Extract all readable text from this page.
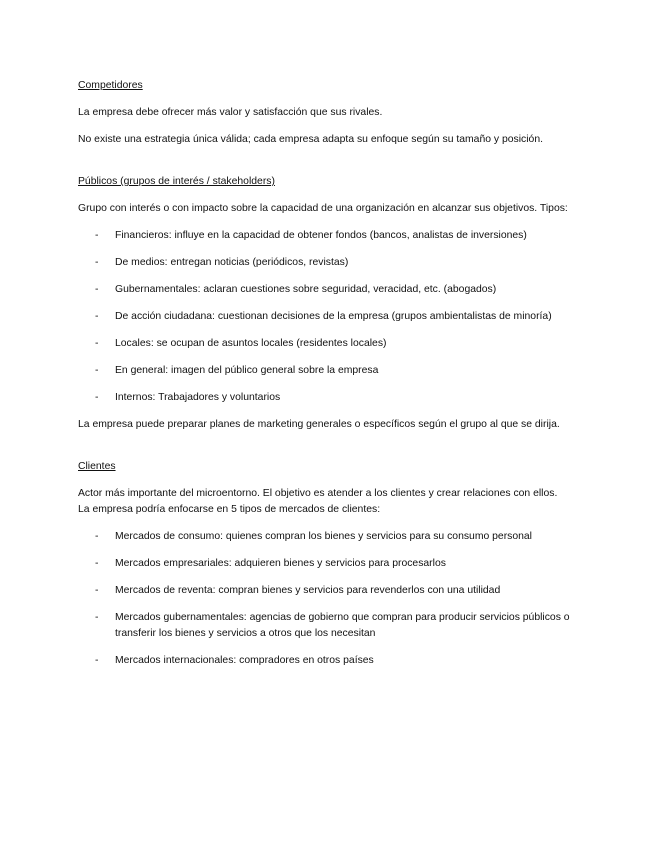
Competidores
La empresa debe ofrecer más valor y satisfacción que sus rivales.
No existe una estrategia única válida; cada empresa adapta su enfoque según su tamaño y posición.
Públicos (grupos de interés / stakeholders)
Grupo con interés o con impacto sobre la capacidad de una organización en alcanzar sus objetivos. Tipos:
- Financieros: influye en la capacidad de obtener fondos (bancos, analistas de inversiones)
- De medios: entregan noticias (periódicos, revistas)
- Gubernamentales: aclaran cuestiones sobre seguridad, veracidad, etc. (abogados)
- De acción ciudadana: cuestionan decisiones de la empresa (grupos ambientalistas de minoría)
- Locales: se ocupan de asuntos locales (residentes locales)
- En general: imagen del público general sobre la empresa
- Internos: Trabajadores y voluntarios
La empresa puede preparar planes de marketing generales o específicos según el grupo al que se dirija.
Clientes
Actor más importante del microentorno. El objetivo es atender a los clientes y crear relaciones con ellos.
La empresa podría enfocarse en 5 tipos de mercados de clientes:
- Mercados de consumo: quienes compran los bienes y servicios para su consumo personal
- Mercados empresariales: adquieren bienes y servicios para procesarlos
- Mercados de reventa: compran bienes y servicios para revenderlos con una utilidad
- Mercados gubernamentales: agencias de gobierno que compran para producir servicios públicos o transferir los bienes y servicios a otros que los necesitan
- Mercados internacionales: compradores en otros países
